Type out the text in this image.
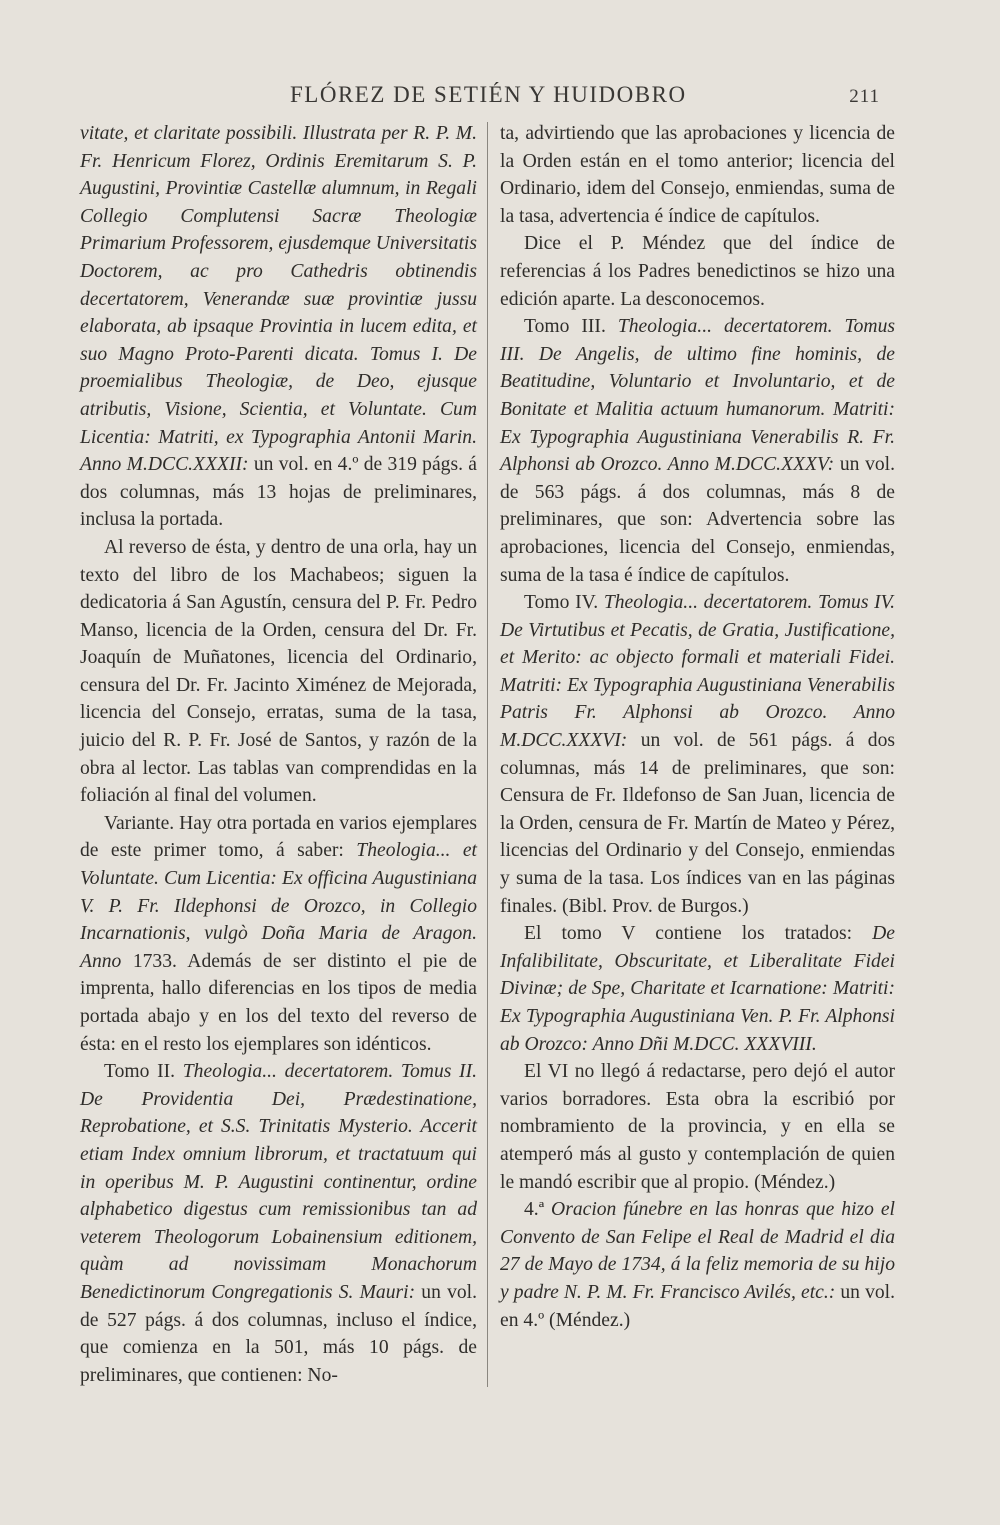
FLÓREZ DE SETIÉN Y HUIDOBRO	211

vitate, et claritate possibili. Illustrata per R. P. M. Fr. Henricum Florez, Ordinis Eremitarum S. P. Augustini, Provintiæ Castellæ alumnum, in Regali Collegio Complutensi Sacræ Theologiæ Primarium Professorem, ejusdemque Universitatis Doctorem, ac pro Cathedris obtinendis decertatorem, Venerandæ suæ provintiæ jussu elaborata, ab ipsaque Provintia in lucem edita, et suo Magno Proto-Parenti dicata. Tomus I. De proemialibus Theologiæ, de Deo, ejusque atributis, Visione, Scientia, et Voluntate. Cum Licentia: Matriti, ex Typographia Antonii Marin. Anno M.DCC.XXXII: un vol. en 4.º de 319 págs. á dos columnas, más 13 hojas de preliminares, inclusa la portada.

Al reverso de ésta, y dentro de una orla, hay un texto del libro de los Machabeos; siguen la dedicatoria á San Agustín, censura del P. Fr. Pedro Manso, licencia de la Orden, censura del Dr. Fr. Joaquín de Muñatones, licencia del Ordinario, censura del Dr. Fr. Jacinto Ximénez de Mejorada, licencia del Consejo, erratas, suma de la tasa, juicio del R. P. Fr. José de Santos, y razón de la obra al lector. Las tablas van comprendidas en la foliación al final del volumen.

Variante. Hay otra portada en varios ejemplares de este primer tomo, á saber: Theologia... et Voluntate. Cum Licentia: Ex officina Augustiniana V. P. Fr. Ildephonsi de Orozco, in Collegio Incarnationis, vulgò Doña Maria de Aragon. Anno 1733. Además de ser distinto el pie de imprenta, hallo diferencias en los tipos de media portada abajo y en los del texto del reverso de ésta: en el resto los ejemplares son idénticos.

Tomo II. Theologia... decertatorem. Tomus II. De Providentia Dei, Prædestinatione, Reprobatione, et S.S. Trinitatis Mysterio. Accerit etiam Index omnium librorum, et tractatuum qui in operibus M. P. Augustini continentur, ordine alphabetico digestus cum remissionibus tan ad veterem Theologorum Lobainensium editionem, quàm ad novissimam Monachorum Benedictinorum Congregationis S. Mauri: un vol. de 527 págs. á dos columnas, incluso el índice, que comienza en la 501, más 10 págs. de preliminares, que contienen: No-

ta, advirtiendo que las aprobaciones y licencia de la Orden están en el tomo anterior; licencia del Ordinario, idem del Consejo, enmiendas, suma de la tasa, advertencia é índice de capítulos.

Dice el P. Méndez que del índice de referencias á los Padres benedictinos se hizo una edición aparte. La desconocemos.

Tomo III. Theologia... decertatorem. Tomus III. De Angelis, de ultimo fine hominis, de Beatitudine, Voluntario et Involuntario, et de Bonitate et Malitia actuum humanorum. Matriti: Ex Typographia Augustiniana Venerabilis R. Fr. Alphonsi ab Orozco. Anno M.DCC.XXXV: un vol. de 563 págs. á dos columnas, más 8 de preliminares, que son: Advertencia sobre las aprobaciones, licencia del Consejo, enmiendas, suma de la tasa é índice de capítulos.

Tomo IV. Theologia... decertatorem. Tomus IV. De Virtutibus et Pecatis, de Gratia, Justificatione, et Merito: ac objecto formali et materiali Fidei. Matriti: Ex Typographia Augustiniana Venerabilis Patris Fr. Alphonsi ab Orozco. Anno M.DCC.XXXVI: un vol. de 561 págs. á dos columnas, más 14 de preliminares, que son: Censura de Fr. Ildefonso de San Juan, licencia de la Orden, censura de Fr. Martín de Mateo y Pérez, licencias del Ordinario y del Consejo, enmiendas y suma de la tasa. Los índices van en las páginas finales. (Bibl. Prov. de Burgos.)

El tomo V contiene los tratados: De Infalibilitate, Obscuritate, et Liberalitate Fidei Divinæ; de Spe, Charitate et Icarnatione: Matriti: Ex Typographia Augustiniana Ven. P. Fr. Alphonsi ab Orozco: Anno Dñi M.DCC. XXXVIII.

El VI no llegó á redactarse, pero dejó el autor varios borradores. Esta obra la escribió por nombramiento de la provincia, y en ella se atemperó más al gusto y contemplación de quien le mandó escribir que al propio. (Méndez.)

4.ª Oracion fúnebre en las honras que hizo el Convento de San Felipe el Real de Madrid el dia 27 de Mayo de 1734, á la feliz memoria de su hijo y padre N. P. M. Fr. Francisco Avilés, etc.: un vol. en 4.º (Méndez.)
